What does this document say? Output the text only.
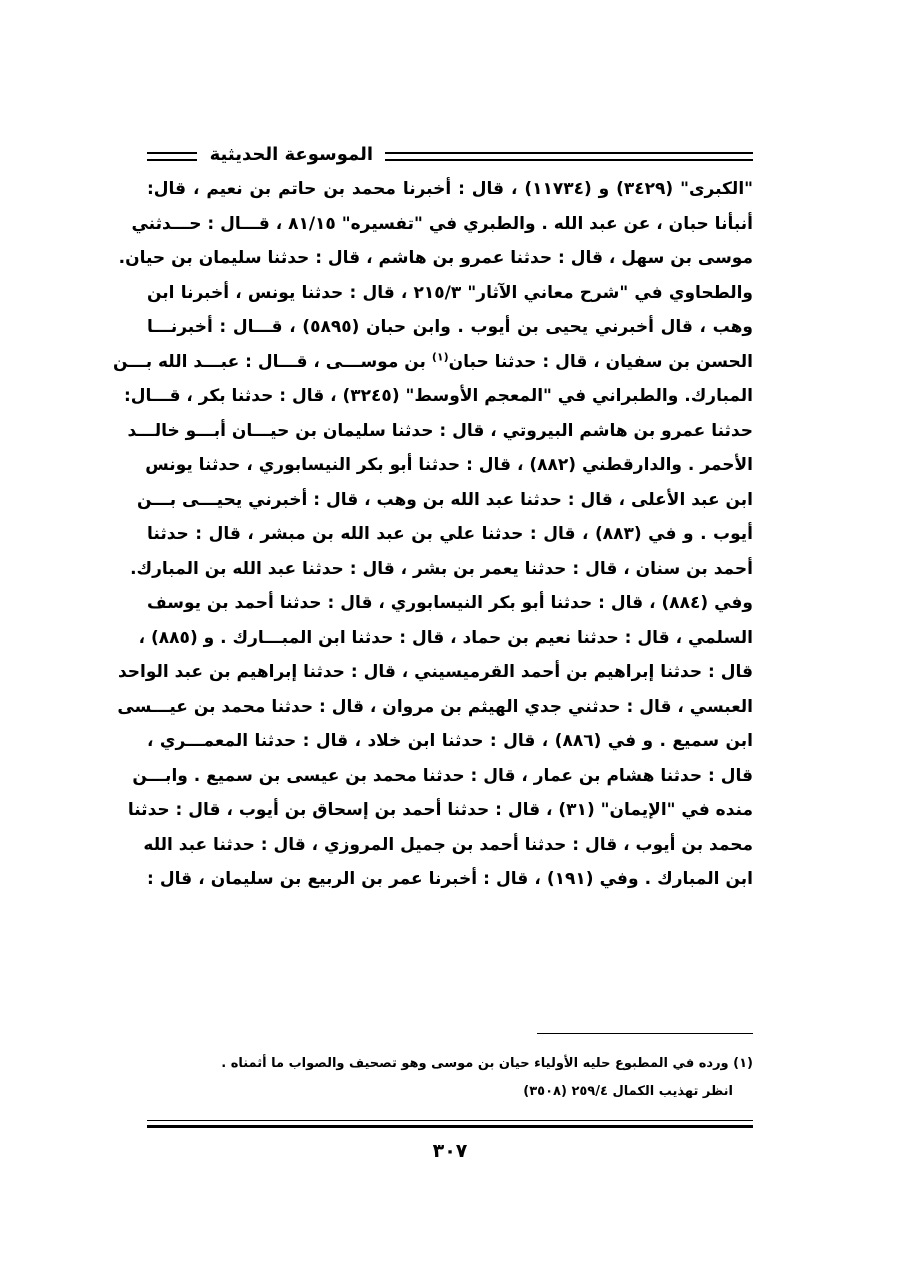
الموسوعة الحديثية
"الكبرى" (٣٤٢٩) و (١١٧٣٤) ، قال : أخبرنا محمد بن حاتم بن نعيم ، قال:
أنبأنا حبان ، عن عبد الله . والطبري في "تفسيره" ٨١/١٥ ، قـــال : حـــدثني
موسى بن سهل ، قال : حدثنا عمرو بن هاشم ، قال : حدثنا سليمان بن حيان.
والطحاوي في "شرح معاني الآثار" ٢١٥/٣ ، قال : حدثنا يونس ، أخبرنا ابن
وهب ، قال أخبرني يحيى بن أيوب . وابن حبان (٥٨٩٥) ، قـــال : أخبرنـــا
الحسن بن سفيان ، قال : حدثنا حبان$^{(١)}$ بن موســـى ، قـــال : عبـــد الله بـــن
المبارك. والطبراني في "المعجم الأوسط" (٣٢٤٥) ، قال : حدثنا بكر ، قـــال:
حدثنا عمرو بن هاشم البيروتي ، قال : حدثنا سليمان بن حيـــان أبـــو خالـــد
الأحمر . والدارقطني (٨٨٢) ، قال : حدثنا أبو بكر النيسابوري ، حدثنا يونس
ابن عبد الأعلى ، قال : حدثنا عبد الله بن وهب ، قال : أخبرني يحيـــى بـــن
أيوب . و في (٨٨٣) ، قال : حدثنا علي بن عبد الله بن مبشر ، قال : حدثنا
أحمد بن سنان ، قال : حدثنا يعمر بن بشر ، قال : حدثنا عبد الله بن المبارك.
وفي (٨٨٤) ، قال : حدثنا أبو بكر النيسابوري ، قال : حدثنا أحمد بن يوسف
السلمي ، قال : حدثنا نعيم بن حماد ، قال : حدثنا ابن المبـــارك . و (٨٨٥) ،
قال : حدثنا إبراهيم بن أحمد القرميسيني ، قال : حدثنا إبراهيم بن عبد الواحد
العبسي ، قال : حدثني جدي الهيثم بن مروان ، قال : حدثنا محمد بن عيـــسى
ابن سميع . و في (٨٨٦) ، قال : حدثنا ابن خلاد ، قال : حدثنا المعمـــري ،
قال : حدثنا هشام بن عمار ، قال : حدثنا محمد بن عيسى بن سميع . وابـــن
منده في "الإيمان" (٣١) ، قال : حدثنا أحمد بن إسحاق بن أيوب ، قال : حدثنا
محمد بن أيوب ، قال : حدثنا أحمد بن جميل المروزي ، قال : حدثنا عبد الله
ابن المبارك . وفي (١٩١) ، قال : أخبرنا عمر بن الربيع بن سليمان ، قال :
(١) ورده في المطبوع حليه الأولياء حيان بن موسى وهو تصحيف والصواب ما أثمناه .
انظر تهذيب الكمال ٢٥٩/٤ (٣٥٠٨)
٣٠٧
